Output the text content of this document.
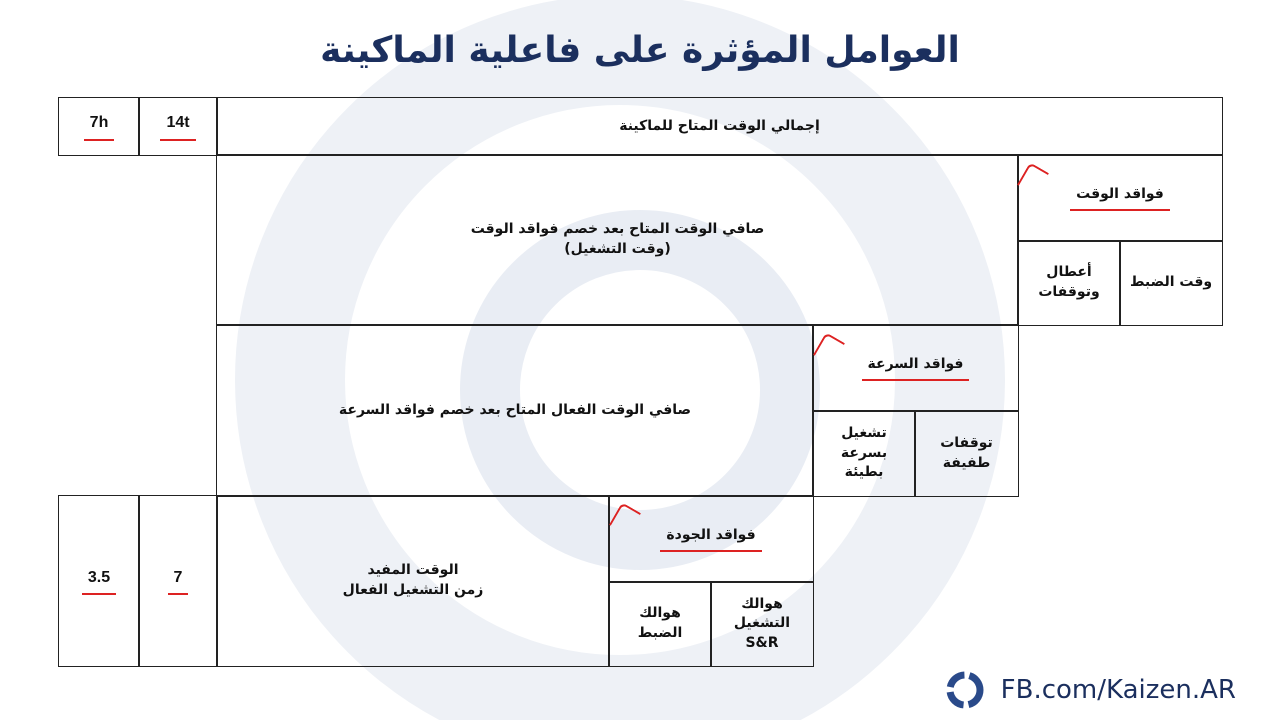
العوامل المؤثرة على فاعلية الماكينة
7h	14t	إجمالي الوقت المتاح للماكينة
صافي الوقت المتاح بعد خصم فواقد الوقت
(وقت التشغيل)
فواقد الوقت
وقت الضبط
أعطال وتوقفات
صافي الوقت الفعال المتاح بعد خصم فواقد السرعة
فواقد السرعة
توقفات طفيفة
تشغيل بسرعة بطيئة
3.5	7	الوقت المفيد
زمن التشغيل الفعال
فواقد الجودة
هوالك التشغيل S&R
هوالك الضبط
FB.com/Kaizen.AR
